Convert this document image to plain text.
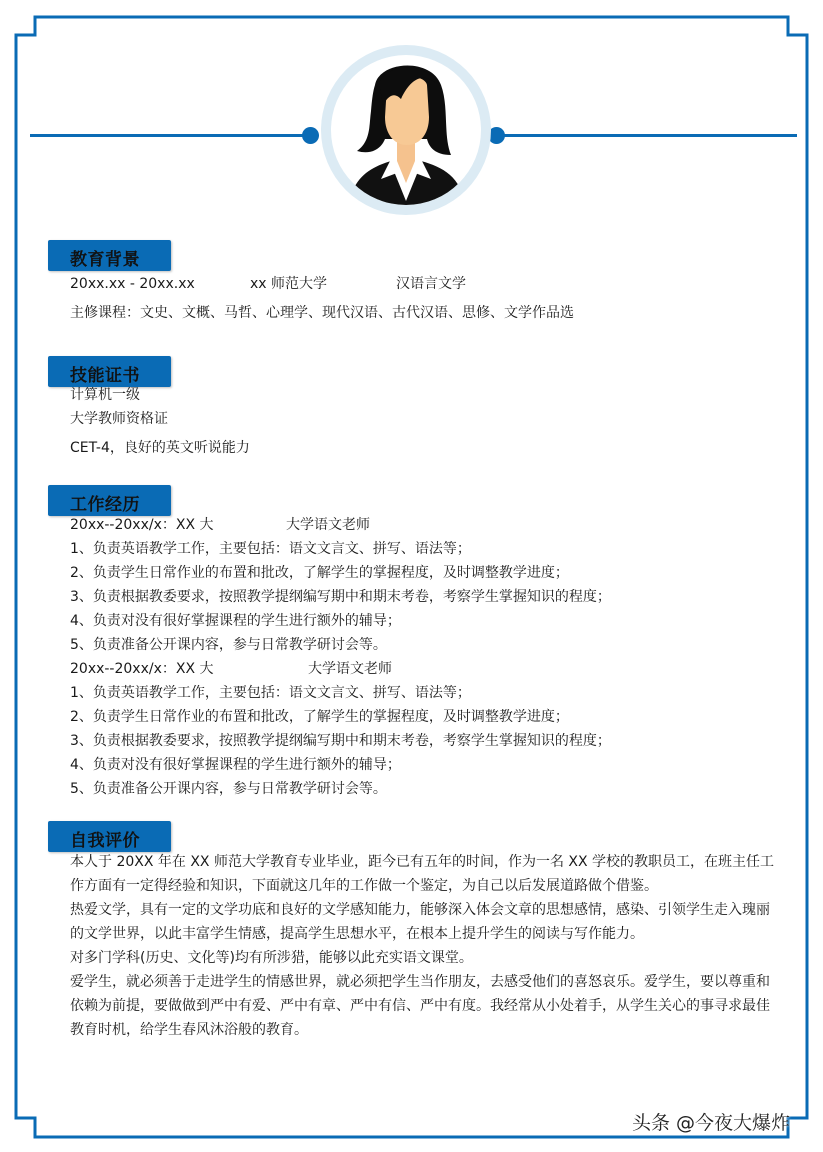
教育背景
20xx.xx - 20xx.xx	xx 师范大学	汉语言文学
主修课程：文史、文概、马哲、心理学、现代汉语、古代汉语、思修、文学作品选
技能证书
计算机一级
大学教师资格证
CET-4，良好的英文听说能力
工作经历
20xx--20xx/x：XX 大	大学语文老师
1、负责英语教学工作，主要包括：语文文言文、拼写、语法等；
2、负责学生日常作业的布置和批改，了解学生的掌握程度，及时调整教学进度；
3、负责根据教委要求，按照教学提纲编写期中和期末考卷，考察学生掌握知识的程度；
4、负责对没有很好掌握课程的学生进行额外的辅导；
5、负责准备公开课内容，参与日常教学研讨会等。
20xx--20xx/x：XX 大	大学语文老师
1、负责英语教学工作，主要包括：语文文言文、拼写、语法等；
2、负责学生日常作业的布置和批改，了解学生的掌握程度，及时调整教学进度；
3、负责根据教委要求，按照教学提纲编写期中和期末考卷，考察学生掌握知识的程度；
4、负责对没有很好掌握课程的学生进行额外的辅导；
5、负责准备公开课内容，参与日常教学研讨会等。
自我评价

本人于 20XX 年在 XX 师范大学教育专业毕业，距今已有五年的时间，作为一名 XX 学校的教职员工，在班主任工作方面有一定得经验和知识，下面就这几年的工作做一个鉴定，为自己以后发展道路做个借鉴。

热爱文学，具有一定的文学功底和良好的文学感知能力，能够深入体会文章的思想感情，感染、引领学生走入瑰丽的文学世界，以此丰富学生情感，提高学生思想水平，在根本上提升学生的阅读与写作能力。

对多门学科(历史、文化等)均有所涉猎，能够以此充实语文课堂。

爱学生，就必须善于走进学生的情感世界，就必须把学生当作朋友，去感受他们的喜怒哀乐。爱学生，要以尊重和依赖为前提，要做做到严中有爱、严中有章、严中有信、严中有度。我经常从小处着手，从学生关心的事寻求最佳教育时机，给学生春风沐浴般的教育。

头条 @今夜大爆炸
